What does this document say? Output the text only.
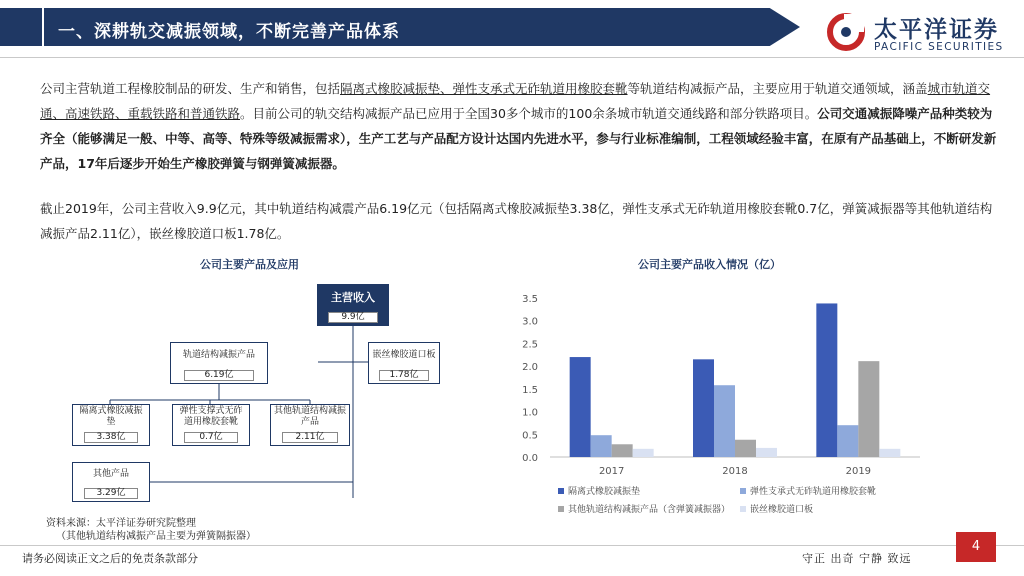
一、深耕轨交减振领域，不断完善产品体系	太平洋证券
PACIFIC SECURITIES
公司主营轨道工程橡胶制品的研发、生产和销售，包括隔离式橡胶减振垫、弹性支承式无砟轨道用橡胶套靴等轨道结构减振产品，主要应用于轨道交通领域，涵盖城市轨道交通、高速铁路、重载铁路和普通铁路。目前公司的轨交结构减振产品已应用于全国30多个城市的100余条城市轨道交通线路和部分铁路项目。公司交通减振降噪产品种类较为齐全（能够满足一般、中等、高等、特殊等级减振需求），生产工艺与产品配方设计达国内先进水平，参与行业标准编制，工程领域经验丰富，在原有产品基础上，不断研发新产品，17年后逐步开始生产橡胶弹簧与钢弹簧减振器。
截止2019年，公司主营收入9.9亿元，其中轨道结构减震产品6.19亿元（包括隔离式橡胶减振垫3.38亿，弹性支承式无砟轨道用橡胶套靴0.7亿，弹簧减振器等其他轨道结构减振产品2.11亿），嵌丝橡胶道口板1.78亿。
公司主要产品及应用
主营收入
9.9亿
轨道结构减振产品
6.19亿
嵌丝橡胶道口板
1.78亿
隔离式橡胶减振垫
3.38亿
弹性支撑式无砟道用橡胶套靴
0.7亿
其他轨道结构减振产品
2.11亿
其他产品
3.29亿
资料来源：太平洋证券研究院整理
（其他轨道结构减振产品主要为弹簧隔振器）
公司主要产品收入情况（亿）
0.0
0.5
1.0
1.5
2.0
2.5
3.0
3.5
2017	2018	2019
隔离式橡胶减振垫	弹性支承式无砟轨道用橡胶套靴
其他轨道结构减振产品（含弹簧减振器） 嵌丝橡胶道口板
请务必阅读正文之后的免责条款部分	守正 出奇 宁静 致远
4
